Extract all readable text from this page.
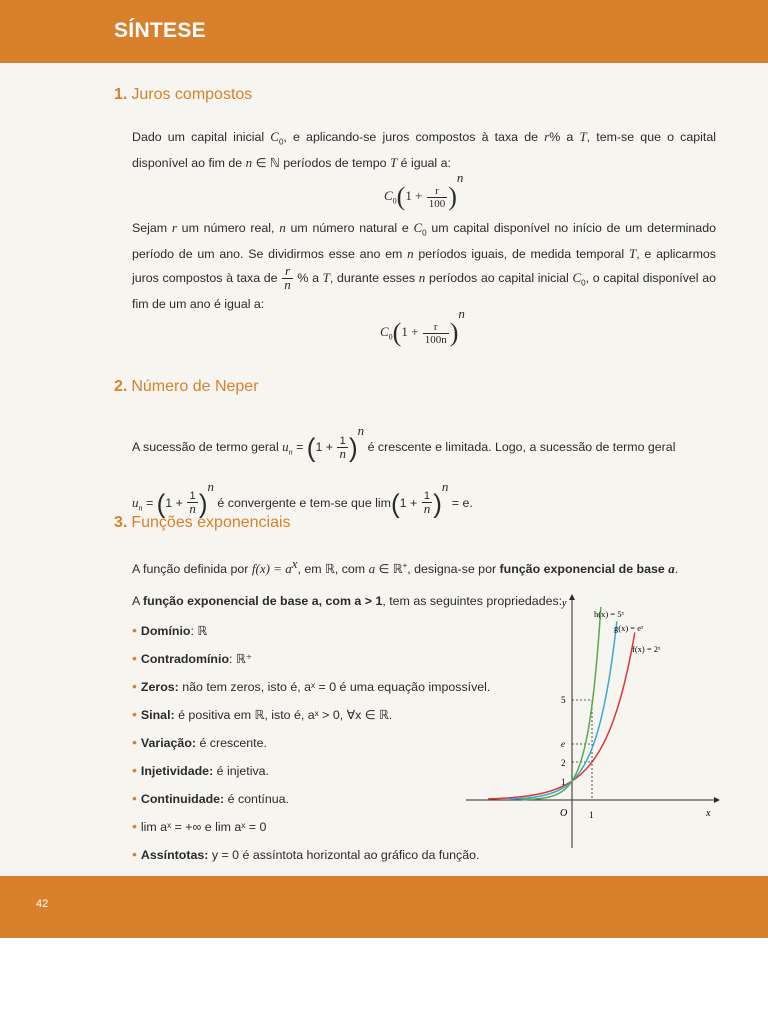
SÍNTESE
1. Juros compostos
Dado um capital inicial $C_0$, e aplicando-se juros compostos à taxa de r% a T, tem-se que o capital disponível ao fim de n ∈ ℕ períodos de tempo T é igual a:
$C_0(1 + \frac{r}{100} )^n$
Sejam r um número real, n um número natural e $C_0$ um capital disponível no início de um determinado período de um ano. Se dividirmos esse ano em n períodos iguais, de medida temporal T, e aplicarmos juros compostos à taxa de $\frac{r}{n}$ % a T, durante esses n períodos ao capital inicial $C_0$, o capital disponível ao fim de um ano é igual a:
$C_0(1 + \frac{r}{100n} )^n$
2. Número de Neper
A sucessão de termo geral $u_n = (1 + \frac{1}{n} )^n$ é crescente e limitada. Logo, a sucessão de termo geral
$u_n = (1 + \frac{1}{n} )^n$ é convergente e tem-se que $\lim(1 + \frac{1}{n} )^n = e$.
3. Funções exponenciais
A função definida por $f(x) = a^x$, em ℝ, com a ∈ ℝ+, designa-se por função exponencial de base a.
A função exponencial de base a, com a > 1, tem as seguintes propriedades:
• Domínio: ℝ
• Contradomínio: ℝ⁺
• Zeros: não tem zeros, isto é, aˣ = 0 é uma equação impossível.
• Sinal: é positiva em ℝ, isto é, aˣ > 0, ∀x ∈ ℝ.
• Variação: é crescente.
• Injetividade: é injetiva.
• Continuidade: é contínua.
• lim aˣ = +∞ e lim aˣ = 0
• Assíntotas: y = 0 é assíntota horizontal ao gráfico da função.
y
x
O 1
5
e
2
1
h(x) = 5ˣ
g(x) = eˣ
f(x) = 2ˣ
42
